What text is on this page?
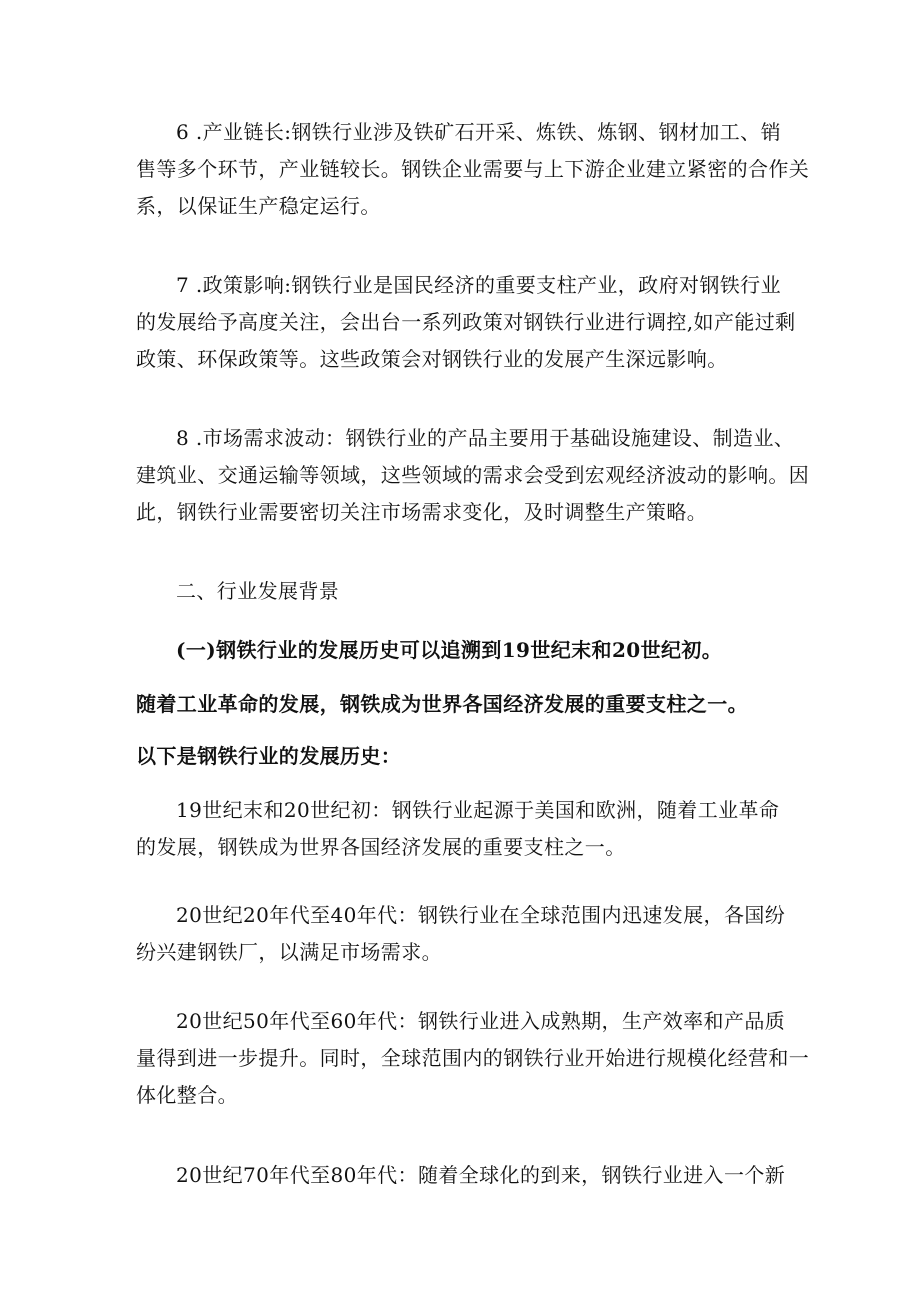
6 .产业链长:钢铁行业涉及铁矿石开采、炼铁、炼钢、钢材加工、销

售等多个环节，产业链较长。钢铁企业需要与上下游企业建立紧密的合作关

系，以保证生产稳定运行。

7 .政策影响:钢铁行业是国民经济的重要支柱产业，政府对钢铁行业

的发展给予高度关注，会出台一系列政策对钢铁行业进行调控,如产能过剩

政策、环保政策等。这些政策会对钢铁行业的发展产生深远影响。

8 .市场需求波动：钢铁行业的产品主要用于基础设施建设、制造业、

建筑业、交通运输等领域，这些领域的需求会受到宏观经济波动的影响。因

此，钢铁行业需要密切关注市场需求变化，及时调整生产策略。

二、行业发展背景

(一)钢铁行业的发展历史可以追溯到19世纪末和20世纪初。

随着工业革命的发展，钢铁成为世界各国经济发展的重要支柱之一。

以下是钢铁行业的发展历史：

19世纪末和20世纪初：钢铁行业起源于美国和欧洲，随着工业革命

的发展，钢铁成为世界各国经济发展的重要支柱之一。

20世纪20年代至40年代：钢铁行业在全球范围内迅速发展，各国纷

纷兴建钢铁厂，以满足市场需求。

20世纪50年代至60年代：钢铁行业进入成熟期，生产效率和产品质

量得到进一步提升。同时，全球范围内的钢铁行业开始进行规模化经营和一

体化整合。

20世纪70年代至80年代：随着全球化的到来，钢铁行业进入一个新
